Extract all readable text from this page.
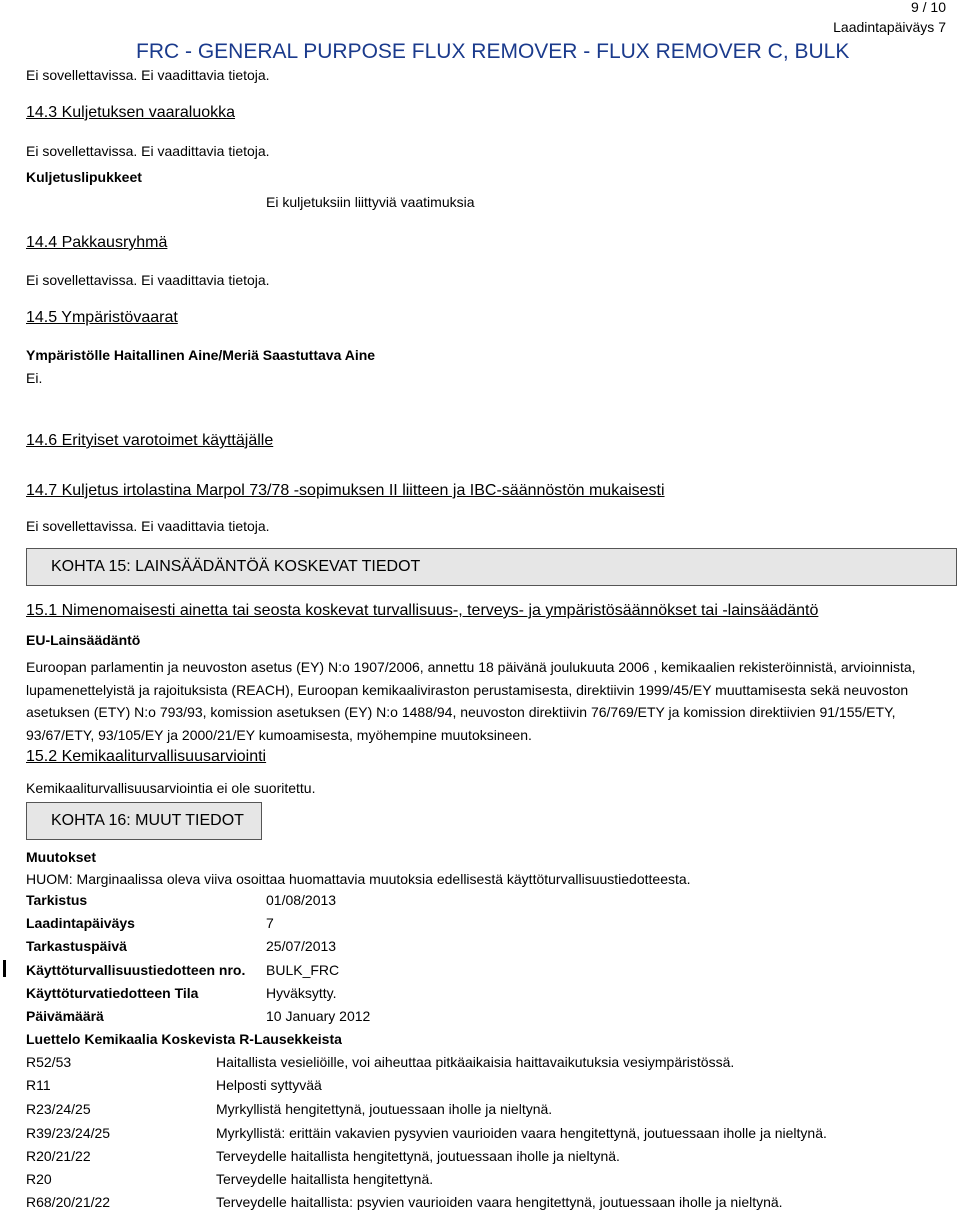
9 / 10
Laadintapäiväys 7
FRC - GENERAL PURPOSE FLUX REMOVER - FLUX REMOVER C, BULK
Ei sovellettavissa. Ei vaadittavia tietoja.
14.3 Kuljetuksen vaaraluokka
Ei sovellettavissa. Ei vaadittavia tietoja.
Kuljetuslipukkeet
Ei kuljetuksiin liittyviä vaatimuksia
14.4 Pakkausryhmä
Ei sovellettavissa. Ei vaadittavia tietoja.
14.5 Ympäristövaarat
Ympäristölle Haitallinen Aine/Meriä Saastuttava Aine
Ei.
14.6 Erityiset varotoimet käyttäjälle
14.7 Kuljetus irtolastina Marpol 73/78 -sopimuksen II liitteen ja IBC-säännöstön mukaisesti
Ei sovellettavissa. Ei vaadittavia tietoja.
KOHTA 15: LAINSÄÄDÄNTÖÄ KOSKEVAT TIEDOT
15.1 Nimenomaisesti ainetta tai seosta koskevat turvallisuus-, terveys- ja ympäristösäännökset tai -lainsäädäntö
EU-Lainsäädäntö
Euroopan parlamentin ja neuvoston asetus (EY) N:o 1907/2006, annettu 18 päivänä joulukuuta 2006 , kemikaalien rekisteröinnistä, arvioinnista, lupamenettelyistä ja rajoituksista (REACH), Euroopan kemikaaliviraston perustamisesta, direktiivin 1999/45/EY muuttamisesta sekä neuvoston asetuksen (ETY) N:o 793/93, komission asetuksen (EY) N:o 1488/94, neuvoston direktiivin 76/769/ETY ja komission direktiivien 91/155/ETY, 93/67/ETY, 93/105/EY ja 2000/21/EY kumoamisesta, myöhempine muutoksineen.
15.2 Kemikaaliturvallisuusarviointi
Kemikaaliturvallisuusarviointia ei ole suoritettu.
KOHTA 16: MUUT TIEDOT
Muutokset
HUOM: Marginaalissa oleva viiva osoittaa huomattavia muutoksia edellisestä käyttöturvallisuustiedotteesta.
Tarkistus	01/08/2013
Laadintapäiväys	7
Tarkastuspäivä	25/07/2013
Käyttöturvallisuustiedotteen nro. BULK_FRC
Käyttöturvatiedotteen Tila	Hyväksytty.
Päivämäärä	10 January 2012
Luettelo Kemikaalia Koskevista R-Lausekkeista
R52/53	Haitallista vesieliöille, voi aiheuttaa pitkäaikaisia haittavaikutuksia vesiympäristössä.
R11	Helposti syttyvää
R23/24/25	Myrkyllistä hengitettynä, joutuessaan iholle ja nieltynä.
R39/23/24/25	Myrkyllistä: erittäin vakavien pysyvien vaurioiden vaara hengitettynä, joutuessaan iholle ja nieltynä.
R20/21/22	Terveydelle haitallista hengitettynä, joutuessaan iholle ja nieltynä.
R20	Terveydelle haitallista hengitettynä.
R68/20/21/22	Terveydelle haitallista: psyvien vaurioiden vaara hengitettynä, joutuessaan iholle ja nieltynä.
